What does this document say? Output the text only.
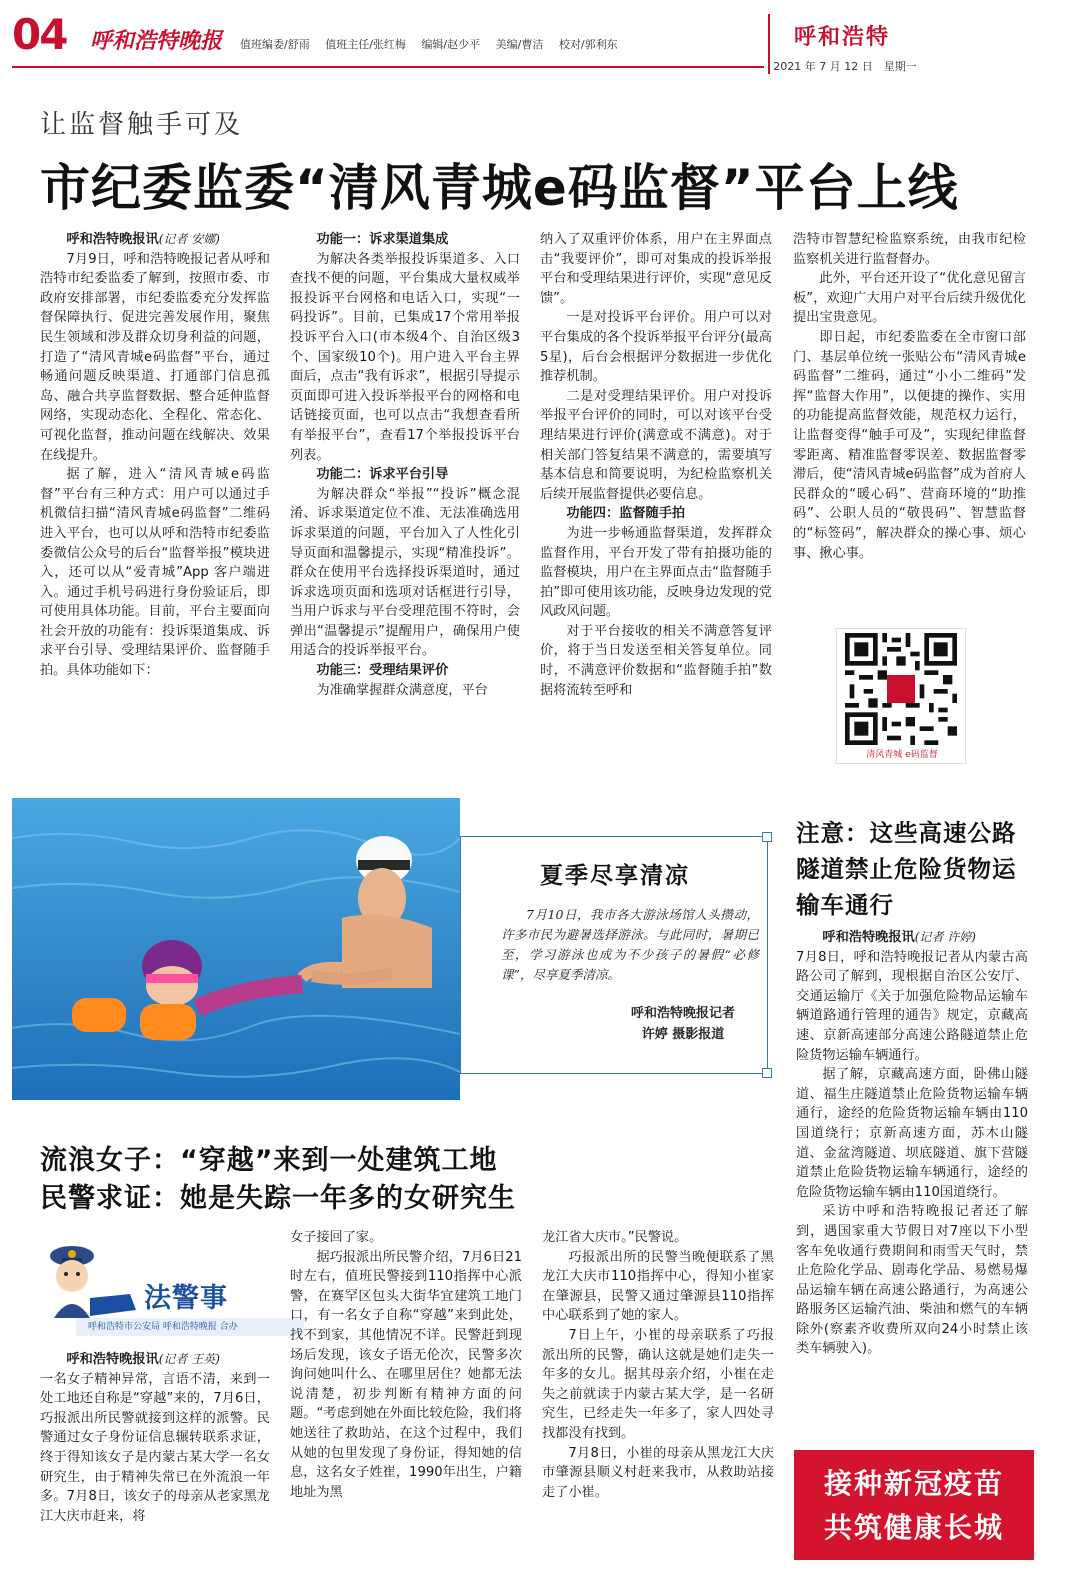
04 呼和浩特晚报 值班编委/舒雨 值班主任/张红梅 编辑/赵少平 美编/曹洁 校对/郭利东	呼和浩特
2021 年 7 月 12 日　星期一
让监督触手可及
市纪委监委“清风青城e码监督”平台上线

呼和浩特晚报讯(记者 安娜)

7月9日，呼和浩特晚报记者从呼和浩特市纪委监委了解到，按照市委、市政府安排部署，市纪委监委充分发挥监督保障执行、促进完善发展作用，聚焦民生领域和涉及群众切身利益的问题，打造了“清风青城e码监督”平台，通过畅通问题反映渠道、打通部门信息孤岛、融合共享监督数据、整合延伸监督网络，实现动态化、全程化、常态化、可视化监督，推动问题在线解决、效果在线提升。

据了解，进入“清风青城e码监督”平台有三种方式：用户可以通过手机微信扫描“清风青城e码监督”二维码进入平台，也可以从呼和浩特市纪委监委微信公众号的后台“监督举报”模块进入，还可以从“爱青城”App 客户端进入。通过手机号码进行身份验证后，即可使用具体功能。目前，平台主要面向社会开放的功能有：投诉渠道集成、诉求平台引导、受理结果评价、监督随手拍。具体功能如下：

功能一：诉求渠道集成

为解决各类举报投诉渠道多、入口查找不便的问题，平台集成大量权威举报投诉平台网格和电话入口，实现“一码投诉”。目前，已集成17个常用举报投诉平台入口(市本级4个、自治区级3个、国家级10个)。用户进入平台主界面后，点击“我有诉求”，根据引导提示页面即可进入投诉举报平台的网格和电话链接页面，也可以点击“我想查看所有举报平台”，查看17个举报投诉平台列表。

功能二：诉求平台引导

为解决群众“举报”“投诉”概念混淆、诉求渠道定位不准、无法准确选用诉求渠道的问题，平台加入了人性化引导页面和温馨提示，实现“精准投诉”。群众在使用平台选择投诉渠道时，通过诉求选项页面和选项对话框进行引导，当用户诉求与平台受理范围不符时，会弹出“温馨提示”提醒用户，确保用户使用适合的投诉举报平台。

功能三：受理结果评价

为准确掌握群众满意度，平台

纳入了双重评价体系，用户在主界面点击“我要评价”，即可对集成的投诉举报平台和受理结果进行评价，实现“意见反馈”。

一是对投诉平台评价。用户可以对平台集成的各个投诉举报平台评分(最高5星)，后台会根据评分数据进一步优化推荐机制。

二是对受理结果评价。用户对投诉举报平台评价的同时，可以对该平台受理结果进行评价(满意或不满意)。对于相关部门答复结果不满意的，需要填写基本信息和简要说明，为纪检监察机关后续开展监督提供必要信息。

功能四：监督随手拍

为进一步畅通监督渠道，发挥群众监督作用，平台开发了带有拍摄功能的监督模块，用户在主界面点击“监督随手拍”即可使用该功能，反映身边发现的党风政风问题。

对于平台接收的相关不满意答复评价，将于当日发送至相关答复单位。同时，不满意评价数据和“监督随手拍”数据将流转至呼和

浩特市智慧纪检监察系统，由我市纪检监察机关进行监督督办。

此外，平台还开设了“优化意见留言板”，欢迎广大用户对平台后续升级优化提出宝贵意见。

即日起，市纪委监委在全市窗口部门、基层单位统一张贴公布“清风青城e码监督”二维码，通过“小小二维码”发挥“监督大作用”，以便捷的操作、实用的功能提高监督效能，规范权力运行，让监督变得“触手可及”，实现纪律监督零距离、精准监督零误差、数据监督零滞后，使“清风青城e码监督”成为首府人民群众的“暖心码”、营商环境的“助推码”、公职人员的“敬畏码”、智慧监督的“标签码”，解决群众的操心事、烦心事、揪心事。

清风青城 e码监督
夏季尽享清凉
7月10日，我市各大游泳场馆人头攒动，许多市民为避暑选择游泳。与此同时，暑期已至，学习游泳也成为不少孩子的暑假“必修课”，尽享夏季清凉。
呼和浩特晚报记者
许婷 摄影报道
注意：这些高速公路隧道禁止危险货物运输车通行

呼和浩特晚报讯(记者 许婷)

7月8日，呼和浩特晚报记者从内蒙古高路公司了解到，现根据自治区公安厅、交通运输厅《关于加强危险物品运输车辆道路通行管理的通告》规定，京藏高速、京新高速部分高速公路隧道禁止危险货物运输车辆通行。

据了解，京藏高速方面，卧佛山隧道、福生庄隧道禁止危险货物运输车辆通行，途经的危险货物运输车辆由110国道绕行；京新高速方面，苏木山隧道、金盆湾隧道、坝底隧道、旗下营隧道禁止危险货物运输车辆通行，途经的危险货物运输车辆由110国道绕行。

采访中呼和浩特晚报记者还了解到，遇国家重大节假日对7座以下小型客车免收通行费期间和雨雪天气时，禁止危险化学品、剧毒化学品、易燃易爆品运输车辆在高速公路通行，为高速公路服务区运输汽油、柴油和燃气的车辆除外(察素齐收费所双向24小时禁止该类车辆驶入)。

流浪女子：“穿越”来到一处建筑工地
民警求证：她是失踪一年多的女研究生
法警事
呼和浩特市公安局 呼和浩特晚报 合办

呼和浩特晚报讯(记者 王英)

一名女子精神异常，言语不清，来到一处工地还自称是“穿越”来的，7月6日，巧报派出所民警就接到这样的派警。民警通过女子身份证信息辗转联系求证，终于得知该女子是内蒙古某大学一名女研究生，由于精神失常已在外流浪一年多。7月8日，该女子的母亲从老家黑龙江大庆市赶来，将

女子接回了家。

据巧报派出所民警介绍，7月6日21时左右，值班民警接到110指挥中心派警，在赛罕区包头大街华宜建筑工地门口，有一名女子自称“穿越”来到此处，找不到家，其他情况不详。民警赶到现场后发现，该女子语无伦次，民警多次询问她叫什么、在哪里居住？她都无法说清楚，初步判断有精神方面的问题。“考虑到她在外面比较危险，我们将她送往了救助站，在这个过程中，我们从她的包里发现了身份证，得知她的信息，这名女子姓崔，1990年出生，户籍地址为黑

龙江省大庆市。”民警说。

巧报派出所的民警当晚便联系了黑龙江大庆市110指挥中心，得知小崔家在肇源县，民警又通过肇源县110指挥中心联系到了她的家人。

7日上午，小崔的母亲联系了巧报派出所的民警，确认这就是她们走失一年多的女儿。据其母亲介绍，小崔在走失之前就读于内蒙古某大学，是一名研究生，已经走失一年多了，家人四处寻找都没有找到。

7月8日，小崔的母亲从黑龙江大庆市肇源县顺义村赶来我市，从救助站接走了小崔。	接种新冠疫苗
共筑健康长城
